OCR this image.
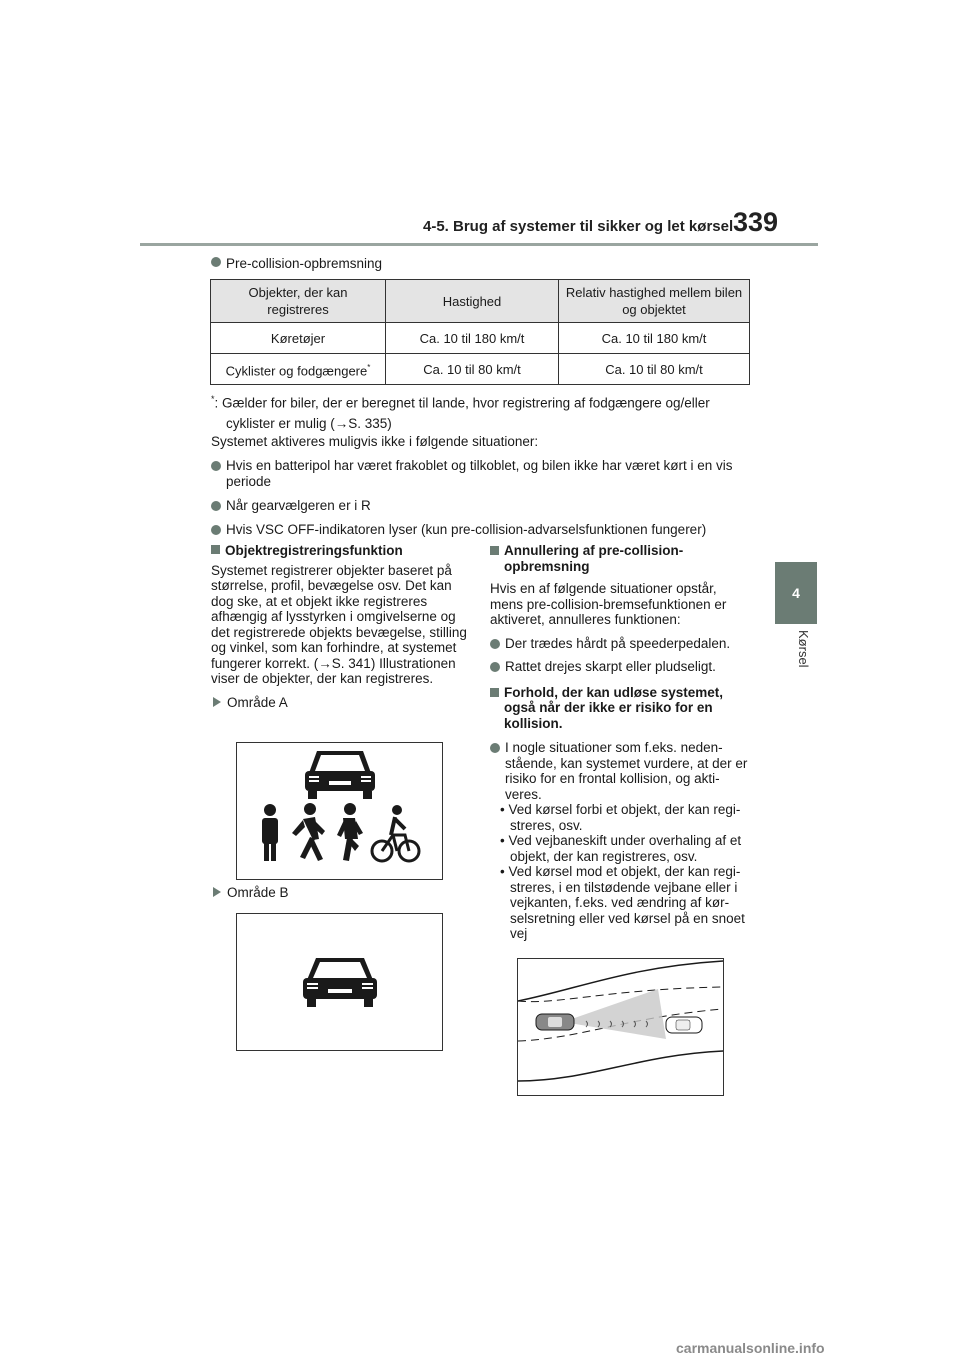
4-5. Brug af systemer til sikker og let kørsel 339
4
Kørsel
Pre-collision-opbremsning
Objekter, der kan registreres	Hastighed	Relativ hastighed mellem bilen og objektet
Køretøjer	Ca. 10 til 180 km/t	Ca. 10 til 180 km/t
Cyklister og fodgængere*	Ca. 10 til 80 km/t	Ca. 10 til 80 km/t
*: Gælder for biler, der er beregnet til lande, hvor registrering af fodgængere og/eller
cyklister er mulig (→S. 335)
Systemet aktiveres muligvis ikke i følgende situationer:
Hvis en batteripol har været frakoblet og tilkoblet, og bilen ikke har været kørt i en vis periode
Når gearvælgeren er i R
Hvis VSC OFF-indikatoren lyser (kun pre-collision-advarselsfunktionen fungerer)
Objektregistreringsfunktion
Systemet registrerer objekter baseret på størrelse, profil, bevægelse osv. Det kan dog ske, at et objekt ikke registreres afhængig af lysstyrken i omgivelserne og det registrerede objekts bevægelse, stilling og vinkel, som kan forhindre, at systemet fungerer korrekt. (→S. 341) Illustrationen viser de objekter, der kan registreres.
Område A
Område B
Annullering af pre-collision-opbremsning
Hvis en af følgende situationer opstår, mens pre-collision-bremsefunktionen er aktiveret, annulleres funktionen:
Der trædes hårdt på speederpedalen.
Rattet drejes skarpt eller pludseligt.
Forhold, der kan udløse systemet, også når der ikke er risiko for en kollision.
I nogle situationer som f.eks. nedenstående, kan systemet vurdere, at der er risiko for en frontal kollision, og aktiveres.
• Ved kørsel forbi et objekt, der kan registreres, osv.
• Ved vejbaneskift under overhaling af et objekt, der kan registreres, osv.
• Ved kørsel mod et objekt, der kan registreres, i en tilstødende vejbane eller i vejkanten, f.eks. ved ændring af kørselsretning eller ved kørsel på en snoet vej
carmanualsonline.info
